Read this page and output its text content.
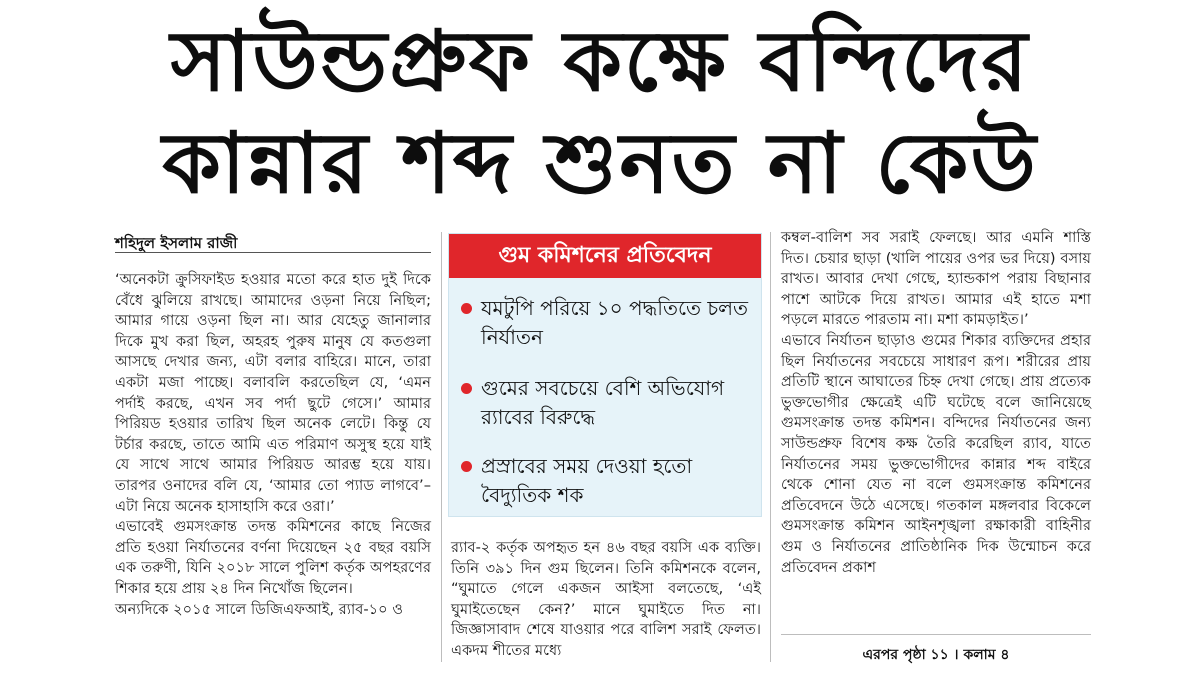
সাউন্ডপ্রুফ কক্ষে বন্দিদের
কান্নার শব্দ শুনত না কেউ
শহিদুল ইসলাম রাজী

‘অনেকটা ক্রুসিফাইড হওয়ার মতো করে হাত দুই দিকে বেঁধে ঝুলিয়ে রাখছে। আমাদের ওড়না নিয়ে নিছিল; আমার গায়ে ওড়না ছিল না। আর যেহেতু জানালার দিকে মুখ করা ছিল, অহরহ পুরুষ মানুষ যে কতগুলা আসছে দেখার জন্য, এটা বলার বাহিরে। মানে, তারা একটা মজা পাচ্ছে। বলাবলি করতেছিল যে, ‘এমন পর্দাই করছে, এখন সব পর্দা ছুটে গেসে।’ আমার পিরিয়ড হওয়ার তারিখ ছিল অনেক লেটে। কিন্তু যে টর্চার করছে, তাতে আমি এত পরিমাণ অসুস্থ হয়ে যাই যে সাথে সাথে আমার পিরিয়ড আরম্ভ হয়ে যায়। তারপর ওনাদের বলি যে, ‘আমার তো প্যাড লাগবে’– এটা নিয়ে অনেক হাসাহাসি করে ওরা।’

এভাবেই গুমসংক্রান্ত তদন্ত কমিশনের কাছে নিজের প্রতি হওয়া নির্যাতনের বর্ণনা দিয়েছেন ২৫ বছর বয়সি এক তরুণী, যিনি ২০১৮ সালে পুলিশ কর্তৃক অপহরণের শিকার হয়ে প্রায় ২৪ দিন নিখোঁজ ছিলেন।

অন্যদিকে ২০১৫ সালে ডিজিএফআই, র‍্যাব-১০ ও

গুম কমিশনের প্রতিবেদন
যমটুপি পরিয়ে ১০ পদ্ধতিতে চলত নির্যাতন
গুমের সবচেয়ে বেশি অভিযোগ র‍্যাবের বিরুদ্ধে
প্রস্রাবের সময় দেওয়া হতো বৈদ্যুতিক শক

র‍্যাব-২ কর্তৃক অপহৃত হন ৪৬ বছর বয়সি এক ব্যক্তি। তিনি ৩৯১ দিন গুম ছিলেন। তিনি কমিশনকে বলেন, “ঘুমাতে গেলে একজন আইসা বলতেছে, ‘এই ঘুমাইতেছেন কেন?’ মানে ঘুমাইতে দিত না। জিজ্ঞাসাবাদ শেষে যাওয়ার পরে বালিশ সরাই ফেলত। একদম শীতের মধ্যে

কম্বল-বালিশ সব সরাই ফেলছে। আর এমনি শাস্তি দিত। চেয়ার ছাড়া (খালি পায়ের ওপর ভর দিয়ে) বসায় রাখত। আবার দেখা গেছে, হ্যান্ডকাপ পরায় বিছানার পাশে আটকে দিয়ে রাখত। আমার এই হাতে মশা পড়লে মারতে পারতাম না। মশা কামড়াইত।’

এভাবে নির্যাতন ছাড়াও গুমের শিকার ব্যক্তিদের প্রহার ছিল নির্যাতনের সবচেয়ে সাধারণ রূপ। শরীরের প্রায় প্রতিটি স্থানে আঘাতের চিহ্ন দেখা গেছে। প্রায় প্রত্যেক ভুক্তভোগীর ক্ষেত্রেই এটি ঘটেছে বলে জানিয়েছে গুমসংক্রান্ত তদন্ত কমিশন। বন্দিদের নির্যাতনের জন্য সাউন্ডপ্রুফ বিশেষ কক্ষ তৈরি করেছিল র‍্যাব, যাতে নির্যাতনের সময় ভুক্তভোগীদের কান্নার শব্দ বাইরে থেকে শোনা যেত না বলে গুমসংক্রান্ত কমিশনের প্রতিবেদনে উঠে এসেছে। গতকাল মঙ্গলবার বিকেলে গুমসংক্রান্ত কমিশন আইনশৃঙ্খলা রক্ষাকারী বাহিনীর গুম ও নির্যাতনের প্রাতিষ্ঠানিক দিক উন্মোচন করে প্রতিবেদন প্রকাশ

এরপর পৃষ্ঠা ১১ । কলাম ৪
